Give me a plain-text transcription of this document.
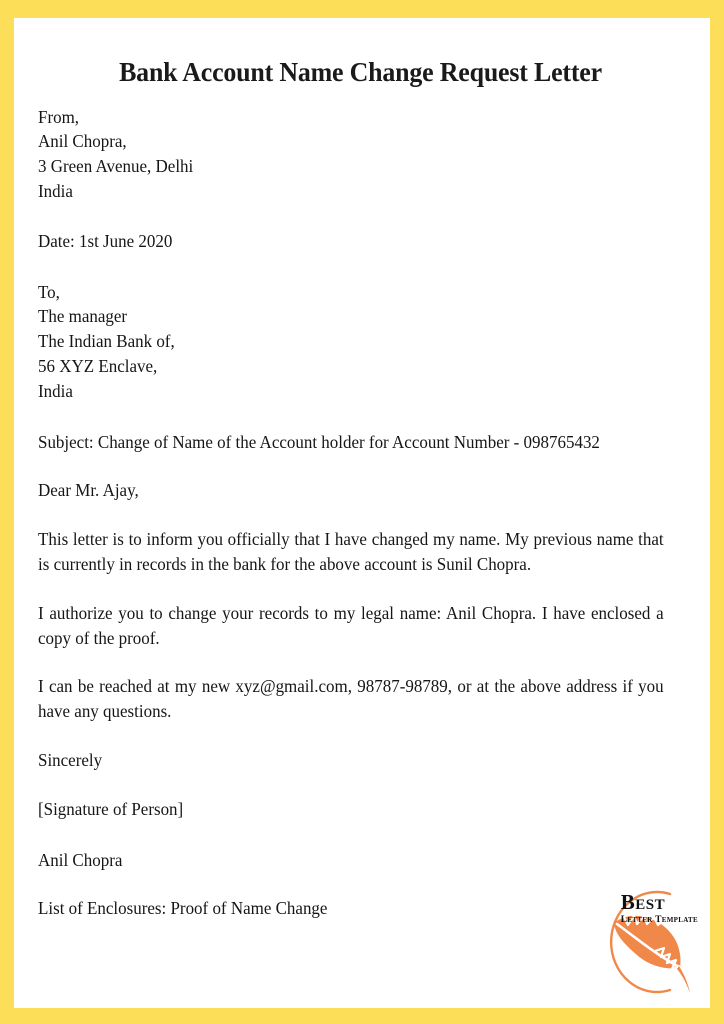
Bank Account Name Change Request Letter
From,
Anil Chopra,
3 Green Avenue, Delhi
India
Date: 1st June 2020
To,
The manager
The Indian Bank of,
56 XYZ Enclave,
India

Subject: Change of Name of the Account holder for Account Number - 098765432

Dear Mr. Ajay,

This letter is to inform you officially that I have changed my name. My previous name that is currently in records in the bank for the above account is Sunil Chopra.

I authorize you to change your records to my legal name: Anil Chopra. I have enclosed a copy of the proof.

I can be reached at my new xyz@gmail.com, 98787-98789, or at the above address if you have any questions.

Sincerely

[Signature of Person]

Anil Chopra

List of Enclosures: Proof of Name Change	Best
Letter Template
